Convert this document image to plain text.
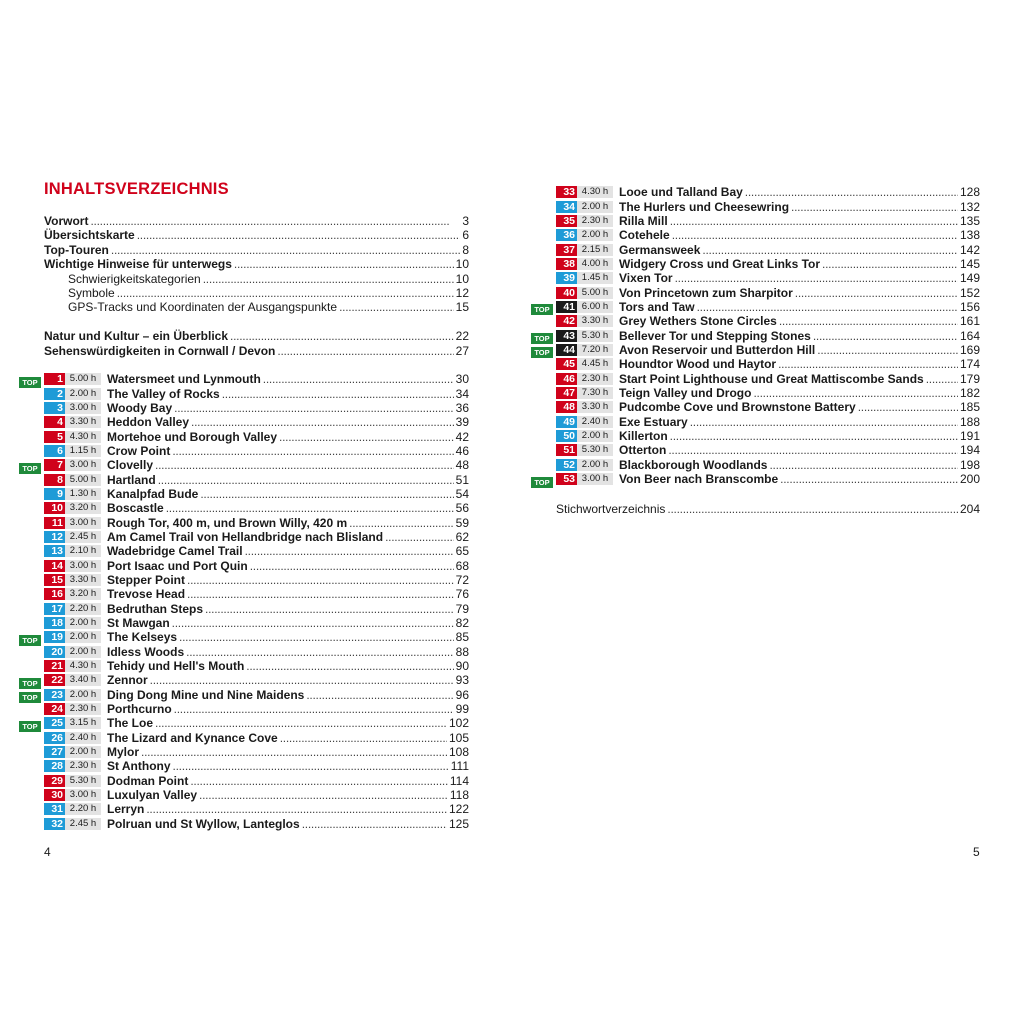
INHALTSVERZEICHNIS
Vorwort . . .	3
Übersichtskarte . . .	6
Top-Touren . . .	8
Wichtige Hinweise für unterwegs . . .	10
Schwierigkeitskategorien . . .	10
Symbole . . .	12
GPS-Tracks und Koordinaten der Ausgangspunkte . . .	15
Natur und Kultur – ein Überblick . . .	22
Sehenswürdigkeiten in Cornwall / Devon . . .	27
TOP	1 5.00 h Watersmeet und Lynmouth . . .	30
2 2.00 h The Valley of Rocks . . .	34
3 3.00 h Woody Bay . . .	36
4 3.30 h Heddon Valley . . .	39
5 4.30 h Mortehoe und Borough Valley . . .	42
6 1.15 h Crow Point . . .	46
TOP	7 3.00 h Clovelly . . .	48
8 5.00 h Hartland . . .	51
9 1.30 h Kanalpfad Bude . . .	54
10 3.20 h Boscastle . . .	56
11 3.00 h Rough Tor, 400 m, und Brown Willy, 420 m . . .	59
12 2.45 h Am Camel Trail von Hellandbridge nach Blisland . . .	62
13 2.10 h Wadebridge Camel Trail . . .	65
14 3.00 h Port Isaac und Port Quin . . .	68
15 3.30 h Stepper Point . . .	72
16 3.20 h Trevose Head . . .	76
17 2.20 h Bedruthan Steps . . .	79
18 2.00 h St Mawgan . . .	82
TOP	19 2.00 h The Kelseys . . .	85
20 2.00 h Idless Woods . . .	88
21 4.30 h Tehidy und Hell's Mouth . . .	90
TOP	22 3.40 h Zennor . . .	93
TOP	23 2.00 h Ding Dong Mine und Nine Maidens . . .	96
24 2.30 h Porthcurno . . .	99
TOP	25 3.15 h The Loe . . .	102
26 2.40 h The Lizard and Kynance Cove . . .	105
27 2.00 h Mylor . . .	108
28 2.30 h St Anthony . . .	111
29 5.30 h Dodman Point . . .	114
30 3.00 h Luxulyan Valley . . .	118
31 2.20 h Lerryn . . .	122
32 2.45 h Polruan und St Wyllow, Lanteglos . . .	125
33 4.30 h Looe und Talland Bay . . .	128
34 2.00 h The Hurlers und Cheesewring . . .	132
35 2.30 h Rilla Mill . . .	135
36 2.00 h Cotehele . . .	138
37 2.15 h Germansweek . . .	142
38 4.00 h Widgery Cross und Great Links Tor . . .	145
39 1.45 h Vixen Tor . . .	149
40 5.00 h Von Princetown zum Sharpitor . . .	152
TOP	41 6.00 h Tors and Taw . . .	156
42 3.30 h Grey Wethers Stone Circles . . .	161
TOP	43 5.30 h Bellever Tor und Stepping Stones . . .	164
TOP	44 7.20 h Avon Reservoir und Butterdon Hill . . .	169
45 4.45 h Houndtor Wood und Haytor . . .	174
46 2.30 h Start Point Lighthouse und Great Mattiscombe Sands . . .	179
47 7.30 h Teign Valley und Drogo . . .	182
48 3.30 h Pudcombe Cove und Brownstone Battery . . .	185
49 2.40 h Exe Estuary . . .	188
50 2.00 h Killerton . . .	191
51 5.30 h Otterton . . .	194
52 2.00 h Blackborough Woodlands . . .	198
TOP	53 3.00 h Von Beer nach Branscombe . . .	200
Stichwortverzeichnis . . .	204
4	5
